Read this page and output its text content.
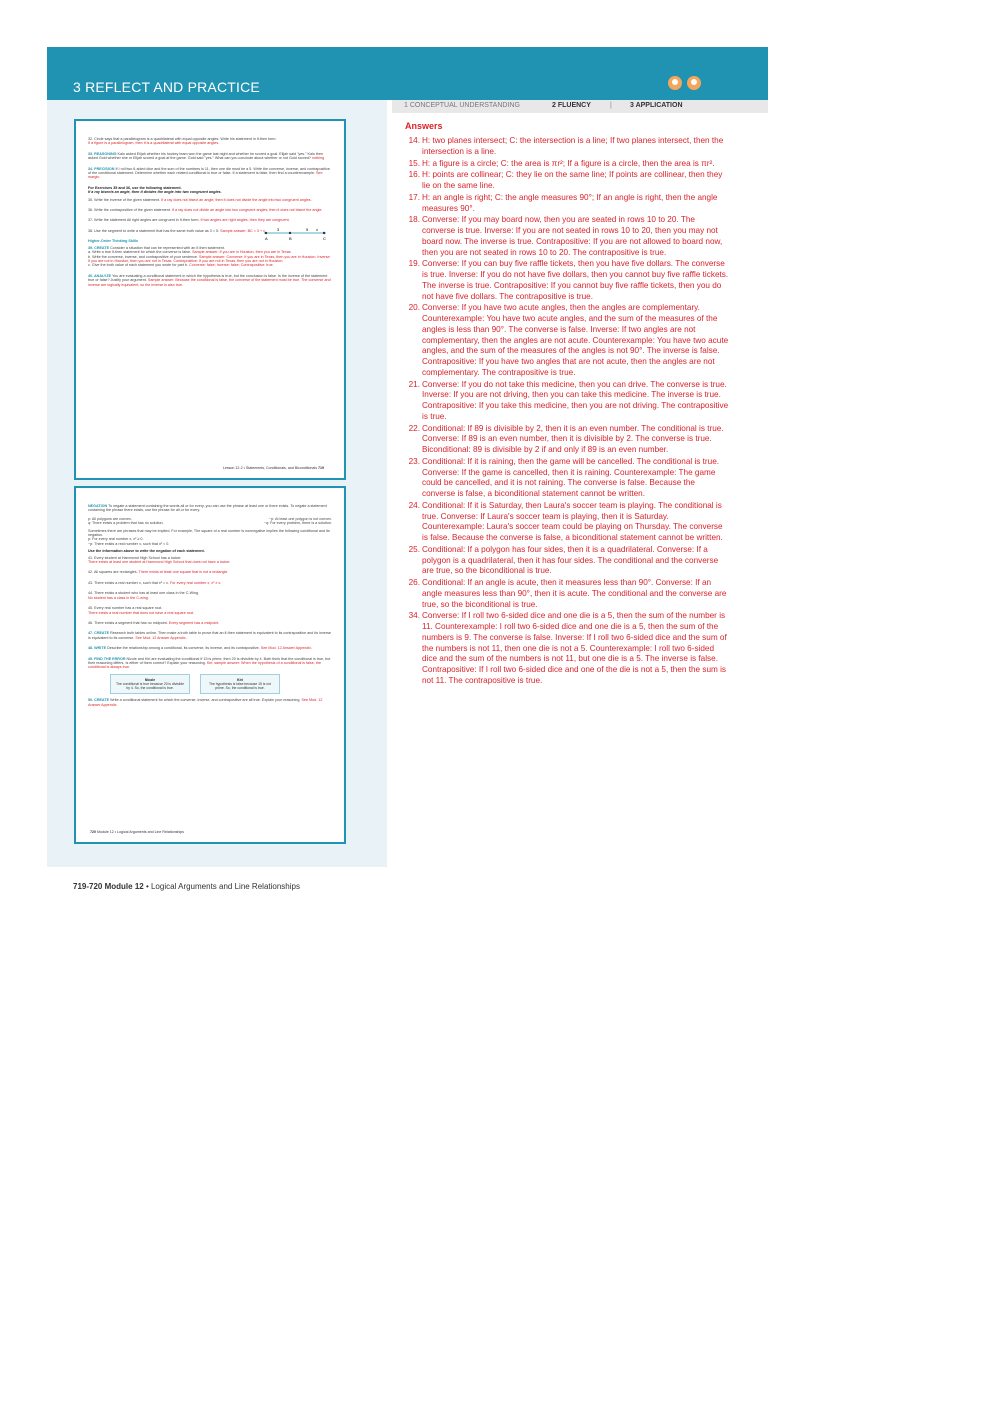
3 REFLECT AND PRACTICE
1 CONCEPTUAL UNDERSTANDING	2 FLUENCY	|	3 APPLICATION
Answers
14. H: two planes intersect; C: the intersection is a line; If two planes intersect, then the intersection is a line.
15. H: a figure is a circle; C: the area is πr²; If a figure is a circle, then the area is πr².
16. H: points are collinear; C: they lie on the same line; If points are collinear, then they lie on the same line.
17. H: an angle is right; C: the angle measures 90°; If an angle is right, then the angle measures 90°.
18. Converse: If you may board now, then you are seated in rows 10 to 20. The converse is true. Inverse: If you are not seated in rows 10 to 20, then you may not board now. The inverse is true. Contrapositive: If you are not allowed to board now, then you are not seated in rows 10 to 20. The contrapositive is true.
19. Converse: If you can buy five raffle tickets, then you have five dollars. The converse is true. Inverse: If you do not have five dollars, then you cannot buy five raffle tickets. The inverse is true. Contrapositive: If you cannot buy five raffle tickets, then you do not have five dollars. The contrapositive is true.
20. Converse: If you have two acute angles, then the angles are complementary. Counterexample: You have two acute angles, and the sum of the measures of the angles is less than 90°. The converse is false. Inverse: If two angles are not complementary, then the angles are not acute. Counterexample: You have two acute angles, and the sum of the measures of the angles is not 90°. The inverse is false. Contrapositive: If you have two angles that are not acute, then the angles are not complementary. The contrapositive is true.
21. Converse: If you do not take this medicine, then you can drive. The converse is true. Inverse: If you are not driving, then you can take this medicine. The inverse is true. Contrapositive: If you take this medicine, then you are not driving. The contrapositive is true.
22. Conditional: If 89 is divisible by 2, then it is an even number. The conditional is true. Converse: If 89 is an even number, then it is divisible by 2. The converse is true. Biconditional: 89 is divisible by 2 if and only if 89 is an even number.
23. Conditional: If it is raining, then the game will be cancelled. The conditional is true. Converse: If the game is cancelled, then it is raining. Counterexample: The game could be cancelled, and it is not raining. The converse is false. Because the converse is false, a biconditional statement cannot be written.
24. Conditional: If it is Saturday, then Laura's soccer team is playing. The conditional is true. Converse: If Laura's soccer team is playing, then it is Saturday. Counterexample: Laura's soccer team could be playing on Thursday. The converse is false. Because the converse is false, a biconditional statement cannot be written.
25. Conditional: If a polygon has four sides, then it is a quadrilateral. Converse: If a polygon is a quadrilateral, then it has four sides. The conditional and the converse are true, so the biconditional is true.
26. Conditional: If an angle is acute, then it measures less than 90°. Converse: If an angle measures less than 90°, then it is acute. The conditional and the converse are true, so the biconditional is true.
34. Converse: If I roll two 6-sided dice and one die is a 5, then the sum of the number is 11. Counterexample: I roll two 6-sided dice and one die is a 5, then the sum of the numbers is 9. The converse is false. Inverse: If I roll two 6-sided dice and the sum of the numbers is not 11, then one die is not a 5. Counterexample: I roll two 6-sided dice and the sum of the numbers is not 11, but one die is a 5. The inverse is false. Contrapositive: If I roll two 6-sided dice and one of the die is not a 5, then the sum is not 11. The contrapositive is true.
32. Circle says that a parallelogram is a quadrilateral with equal opposite angles. Write his statement in if-then form.
If a figure is a parallelogram, then it is a quadrilateral with equal opposite angles.
33. REASONING Kalo asked Elijah whether his hockey team won the game last night and whether he scored a goal. Elijah said "yes." Kalo then asked Gold whether she or Elijah scored a goal at the game. Gold said "yes." What can you conclude about whether or not Gold scored? nothing
34. PRECISION If I roll two 6-sided dice and the sum of the numbers is 11, then one die must be a 5. Write the converse, inverse, and contrapositive of the conditional statement. Determine whether each related conditional is true or false. If a statement is false, then find a counterexample. See margin.
For Exercises 35 and 36, use the following statement.
If a ray bisects an angle, then it divides the angle into two congruent angles.
35. Write the inverse of the given statement. If a ray does not bisect an angle, then it does not divide the angle into two congruent angles.
36. Write the contrapositive of the given statement. If a ray does not divide an angle into two congruent angles, then it does not bisect the angle.
37. Write the statement All right angles are congruent in if-then form. If two angles are right angles, then they are congruent.
38. Use the segment to write a statement that has the same truth value as 3 = 5. Sample answer: BC = 3 + x
A	B	C
3	5 x
Higher-Order Thinking Skills
39. CREATE Consider a situation that can be represented with an if-then statement.
a. Write a true if-then statement for which the converse is false. Sample answer: If you are in Houston, then you are in Texas.
b. Write the converse, inverse, and contrapositive of your sentence. Sample answer: Converse: If you are in Texas, then you are in Houston. Inverse: If you are not in Houston, then you are not in Texas. Contrapositive: If you are not in Texas, then you are not in Houston.
c. Give the truth value of each statement you wrote for part b. Converse: false; Inverse: false; Contrapositive: true.
40. ANALYZE You are evaluating a conditional statement in which the hypothesis is true, but the conclusion is false. Is the inverse of the statement true or false? Justify your argument. Sample answer: Because the conditional is false, the converse of the statement must be true. The converse and inverse are logically equivalent, so the inverse is also true.
Lesson 12-2 • Statements, Conditionals, and Biconditionals 719
NEGATION To negate a statement containing the words all or for every, you can use the phrase at least one or there exists. To negate a statement containing the phrase there exists, use the phrase for all or for every.
p: All polygons are convex.	~p: At least one polygon is not convex.
q: There exists a problem that has no solution.	~q: For every problem, there is a solution.
Sometimes there are phrases that may be implied. For example, The square of a real number is nonnegative implies the following conditional and its negation.
p: For every real number x, x² ≥ 0.
~p: There exists a real number x, such that x² < 0.
Use the information above to write the negation of each statement.
41. Every student at Hammond High School has a locker.
There exists at least one student at Hammond High School that does not have a locker.
42. All squares are rectangles. There exists at least one square that is not a rectangle.
43. There exists a real number x, such that x² = x. For every real number x, x² ≠ x.
44. There exists a student who has at least one class in the C-Wing.
No student has a class in the C-wing.
45. Every real number has a real square root.
There exists a real number that does not have a real square root.
46. There exists a segment that has no midpoint. Every segment has a midpoint.
47. CREATE Research truth tables online. Then make a truth table to prove that an if-then statement is equivalent to its contrapositive and its inverse is equivalent to its converse. See Mod. 12 Answer Appendix.
48. WRITE Describe the relationship among a conditional, its converse, its inverse, and its contrapositive. See Mod. 12 Answer Appendix.
49. FIND THE ERROR Nicole and Kiri are evaluating the conditional If 15 is prime, then 20 is divisible by 4. Both think that the conditional is true, but their reasoning differs. Is either of them correct? Explain your reasoning. Kiri; sample answer: When the hypothesis of a conditional is false, the conditional is always true.
Nicole
The conditional is true because 20 is divisible by 4. So, the conditional is true.
Kiri
The hypothesis is false because 15 is not prime. So, the conditional is true.
50. CREATE Write a conditional statement for which the converse, inverse, and contrapositive are all true. Explain your reasoning. See Mod. 12 Answer Appendix.
720 Module 12 • Logical Arguments and Line Relationships
719-720 Module 12 • Logical Arguments and Line Relationships
